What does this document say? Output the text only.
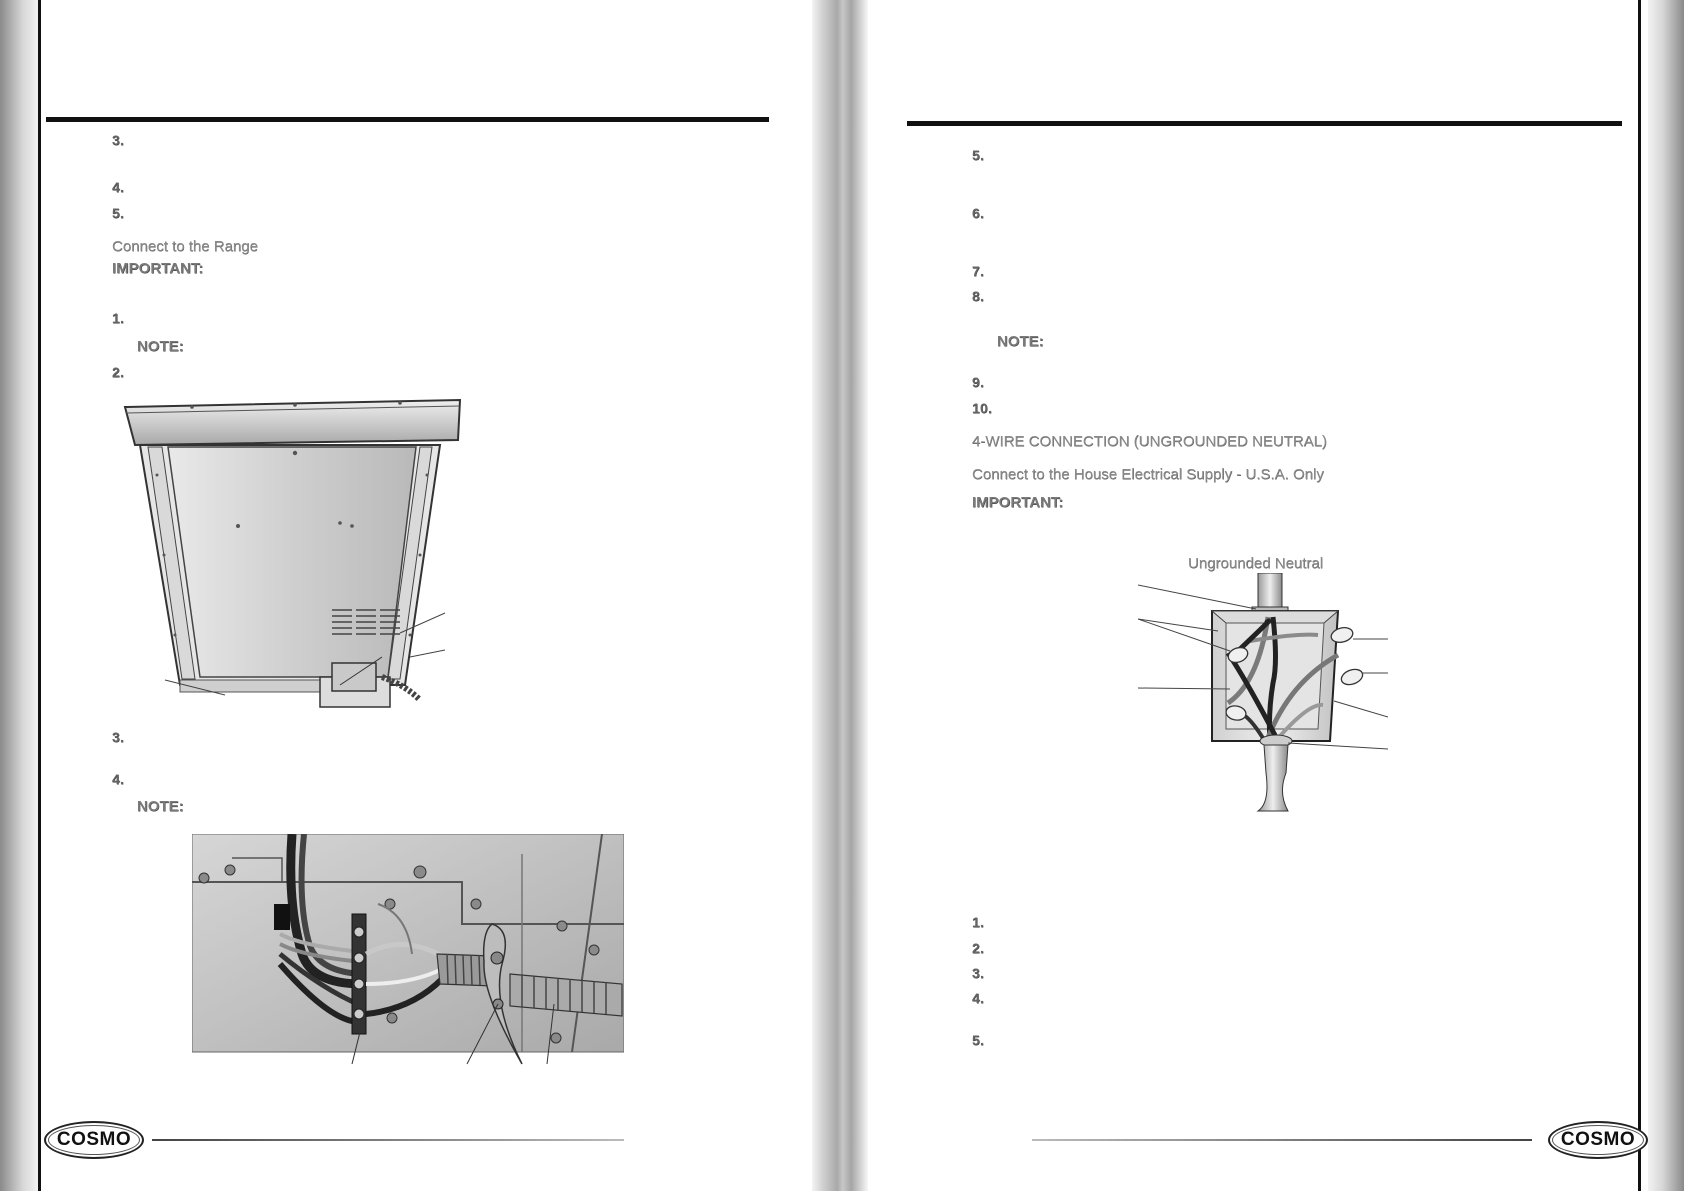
3.
4.
5.
Connect to the Range
IMPORTANT:
1.
NOTE:
2.
3.
4.
NOTE:
COSMO
5.
6.
7.
8.
NOTE:
9.
10.
4-WIRE CONNECTION (UNGROUNDED NEUTRAL)
Connect to the House Electrical Supply - U.S.A. Only
IMPORTANT:
Ungrounded Neutral
1.
2.
3.
4.
5.
COSMO
